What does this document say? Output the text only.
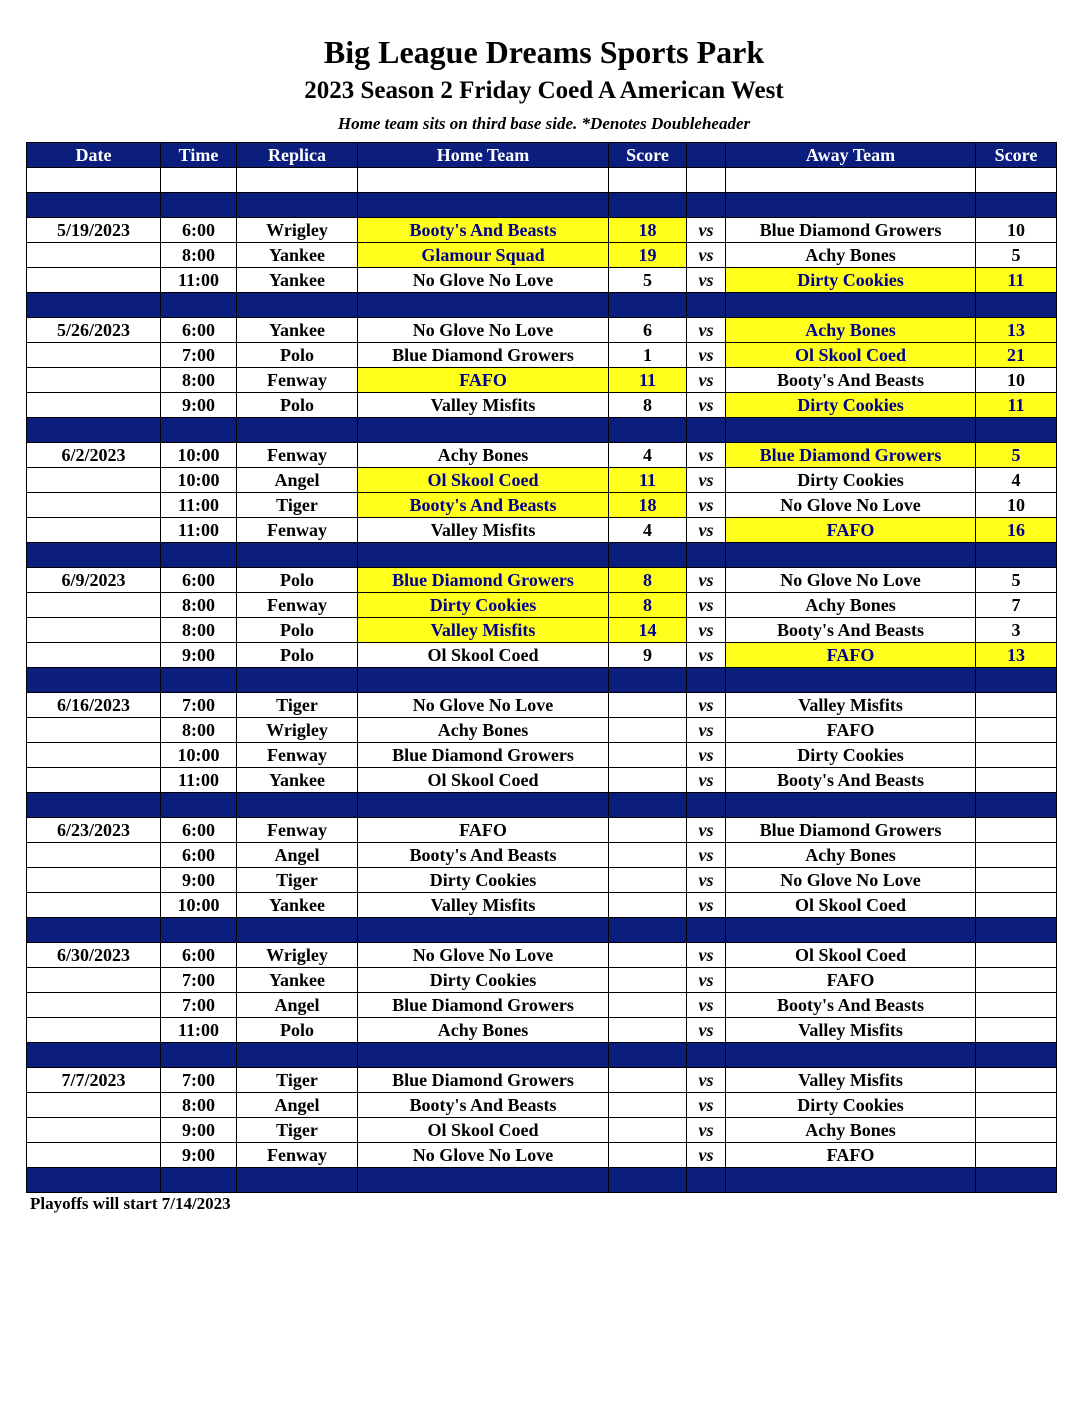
Big League Dreams Sports Park
2023 Season 2 Friday Coed A American West
Home team sits on third base side. *Denotes Doubleheader
Date	Time	Replica	Home Team	Score		Away Team	Score

5/19/2023	6:00	Wrigley	Booty's And Beasts	18	vs	Blue Diamond Growers	10
	8:00	Yankee	Glamour Squad	19	vs	Achy Bones	5
	11:00	Yankee	No Glove No Love	5	vs	Dirty Cookies	11

5/26/2023	6:00	Yankee	No Glove No Love	6	vs	Achy Bones	13
	7:00	Polo	Blue Diamond Growers	1	vs	Ol Skool Coed	21
	8:00	Fenway	FAFO	11	vs	Booty's And Beasts	10
	9:00	Polo	Valley Misfits	8	vs	Dirty Cookies	11

6/2/2023	10:00	Fenway	Achy Bones	4	vs	Blue Diamond Growers	5
	10:00	Angel	Ol Skool Coed	11	vs	Dirty Cookies	4
	11:00	Tiger	Booty's And Beasts	18	vs	No Glove No Love	10
	11:00	Fenway	Valley Misfits	4	vs	FAFO	16

6/9/2023	6:00	Polo	Blue Diamond Growers	8	vs	No Glove No Love	5
	8:00	Fenway	Dirty Cookies	8	vs	Achy Bones	7
	8:00	Polo	Valley Misfits	14	vs	Booty's And Beasts	3
	9:00	Polo	Ol Skool Coed	9	vs	FAFO	13

6/16/2023	7:00	Tiger	No Glove No Love		vs	Valley Misfits	
	8:00	Wrigley	Achy Bones		vs	FAFO	
	10:00	Fenway	Blue Diamond Growers		vs	Dirty Cookies	
	11:00	Yankee	Ol Skool Coed		vs	Booty's And Beasts	

6/23/2023	6:00	Fenway	FAFO		vs	Blue Diamond Growers	
	6:00	Angel	Booty's And Beasts		vs	Achy Bones	
	9:00	Tiger	Dirty Cookies		vs	No Glove No Love	
	10:00	Yankee	Valley Misfits		vs	Ol Skool Coed	

6/30/2023	6:00	Wrigley	No Glove No Love		vs	Ol Skool Coed	
	7:00	Yankee	Dirty Cookies		vs	FAFO	
	7:00	Angel	Blue Diamond Growers		vs	Booty's And Beasts	
	11:00	Polo	Achy Bones		vs	Valley Misfits	

7/7/2023	7:00	Tiger	Blue Diamond Growers		vs	Valley Misfits	
	8:00	Angel	Booty's And Beasts		vs	Dirty Cookies	
	9:00	Tiger	Ol Skool Coed		vs	Achy Bones	
	9:00	Fenway	No Glove No Love		vs	FAFO	

Playoffs will start 7/14/2023
